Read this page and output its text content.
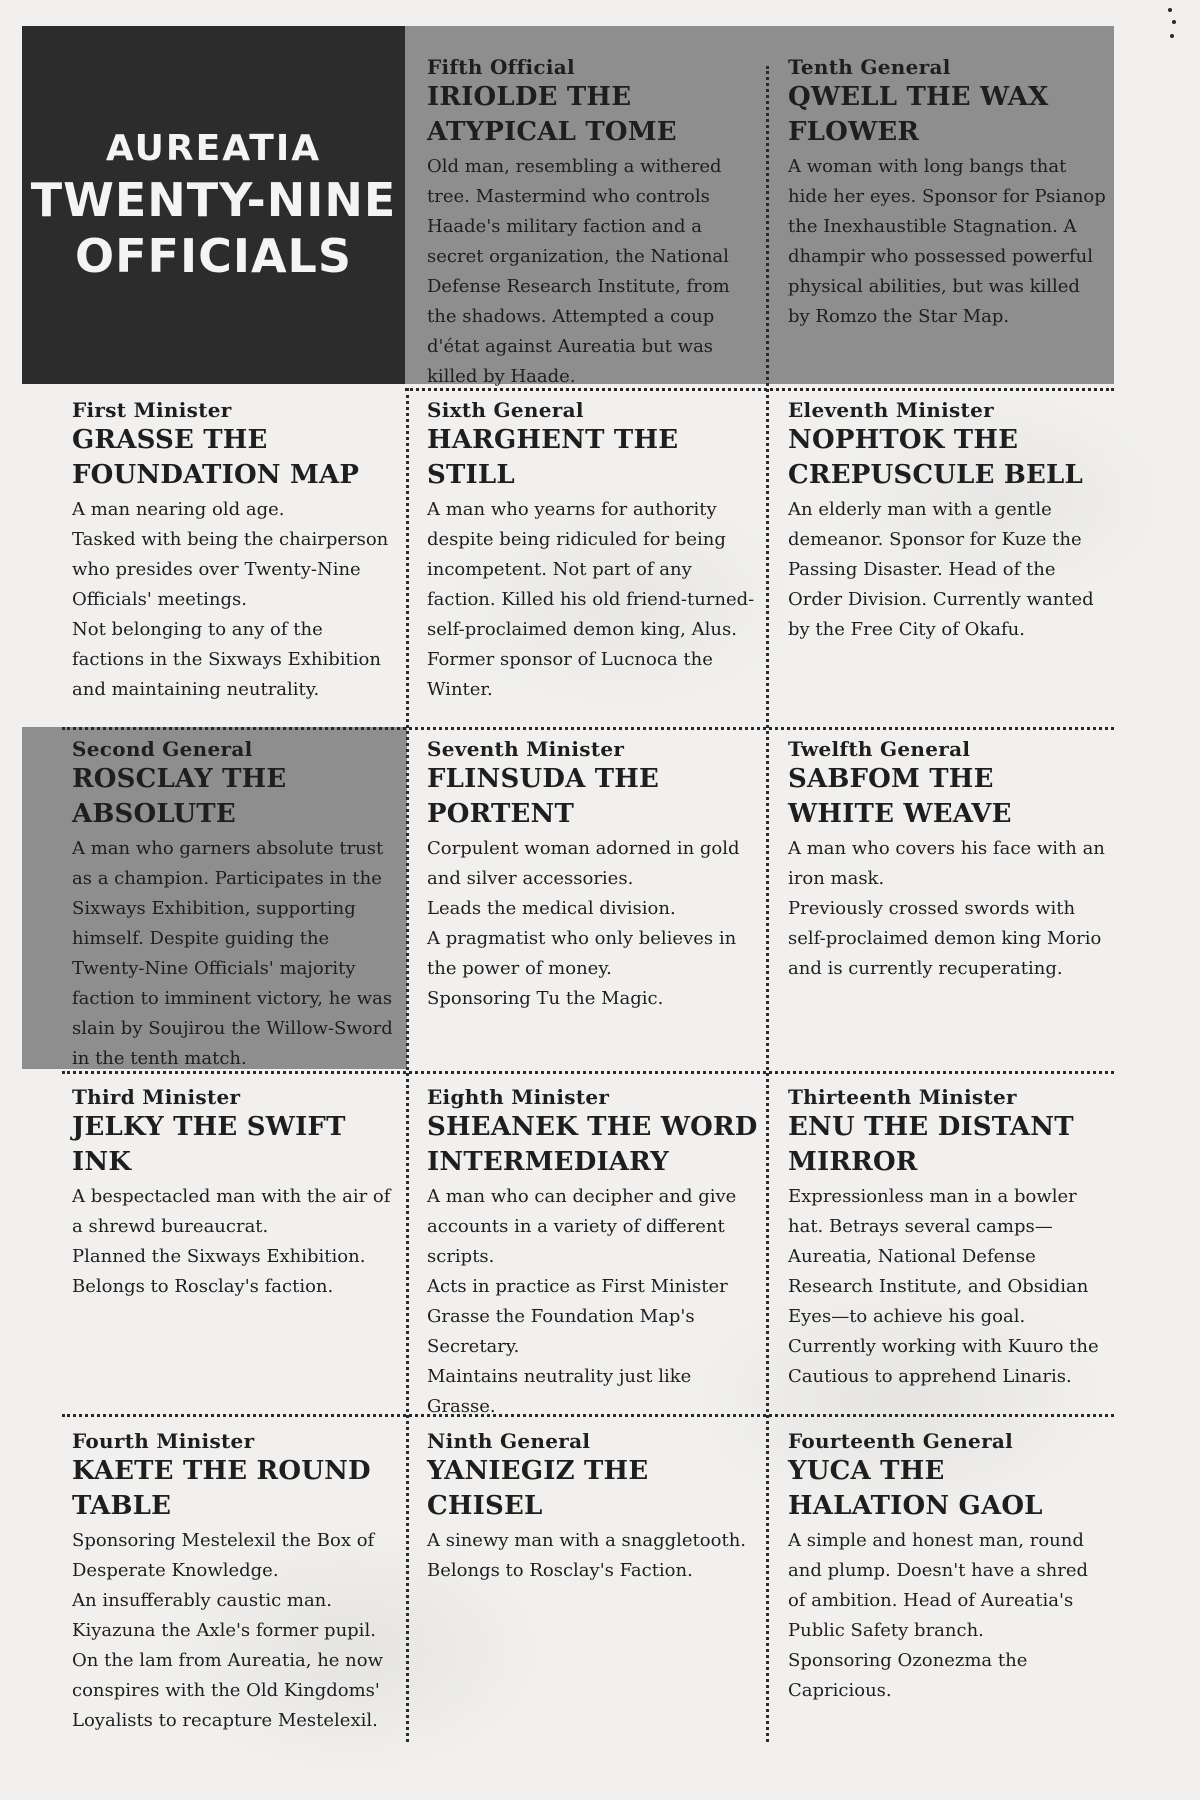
AUREATIA
TWENTY-NINE
OFFICIALS
Fifth Official
IRIOLDE THE ATYPICAL TOME
Old man, resembling a withered tree. Mastermind who controls Haade's military faction and a secret organization, the National Defense Research Institute, from the shadows. Attempted a coup d'état against Aureatia but was killed by Haade.
Tenth General
QWELL THE WAX FLOWER
A woman with long bangs that hide her eyes. Sponsor for Psianop the Inexhaustible Stagnation. A dhampir who possessed powerful physical abilities, but was killed by Romzo the Star Map.
First Minister
GRASSE THE FOUNDATION MAP
A man nearing old age.
Tasked with being the chairperson who presides over Twenty-Nine Officials' meetings.
Not belonging to any of the factions in the Sixways Exhibition and maintaining neutrality.
Sixth General
HARGHENT THE STILL
A man who yearns for authority despite being ridiculed for being incompetent. Not part of any faction. Killed his old friend-turned-self-proclaimed demon king, Alus. Former sponsor of Lucnoca the Winter.
Eleventh Minister
NOPHTOK THE CREPUSCULE BELL
An elderly man with a gentle demeanor. Sponsor for Kuze the Passing Disaster. Head of the Order Division. Currently wanted by the Free City of Okafu.
Second General
ROSCLAY THE ABSOLUTE
A man who garners absolute trust as a champion. Participates in the Sixways Exhibition, supporting himself. Despite guiding the Twenty-Nine Officials' majority faction to imminent victory, he was slain by Soujirou the Willow-Sword in the tenth match.
Seventh Minister
FLINSUDA THE PORTENT
Corpulent woman adorned in gold and silver accessories.
Leads the medical division.
A pragmatist who only believes in the power of money.
Sponsoring Tu the Magic.
Twelfth General
SABFOM THE WHITE WEAVE
A man who covers his face with an iron mask.
Previously crossed swords with self-proclaimed demon king Morio and is currently recuperating.
Third Minister
JELKY THE SWIFT INK
A bespectacled man with the air of a shrewd bureaucrat.
Planned the Sixways Exhibition.
Belongs to Rosclay's faction.
Eighth Minister
SHEANEK THE WORD INTERMEDIARY
A man who can decipher and give accounts in a variety of different scripts.
Acts in practice as First Minister Grasse the Foundation Map's Secretary.
Maintains neutrality just like Grasse.
Thirteenth Minister
ENU THE DISTANT MIRROR
Expressionless man in a bowler hat. Betrays several camps—Aureatia, National Defense Research Institute, and Obsidian Eyes—to achieve his goal. Currently working with Kuuro the Cautious to apprehend Linaris.
Fourth Minister
KAETE THE ROUND TABLE
Sponsoring Mestelexil the Box of Desperate Knowledge.
An insufferably caustic man.
Kiyazuna the Axle's former pupil.
On the lam from Aureatia, he now conspires with the Old Kingdoms' Loyalists to recapture Mestelexil.
Ninth General
YANIEGIZ THE CHISEL
A sinewy man with a snaggletooth.
Belongs to Rosclay's Faction.
Fourteenth General
YUCA THE HALATION GAOL
A simple and honest man, round and plump. Doesn't have a shred of ambition. Head of Aureatia's Public Safety branch.
Sponsoring Ozonezma the Capricious.
